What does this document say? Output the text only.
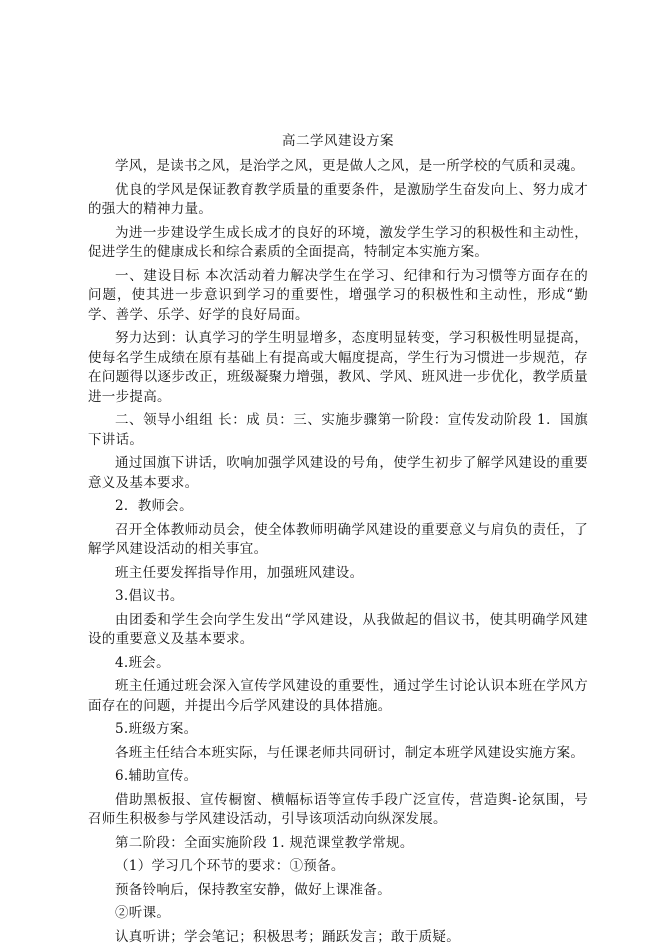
高二学风建设方案

学风，是读书之风，是治学之风，更是做人之风，是一所学校的气质和灵魂。

优良的学风是保证教育教学质量的重要条件，是激励学生奋发向上、努力成才的强大的精神力量。

为进一步建设学生成长成才的良好的环境，激发学生学习的积极性和主动性，促进学生的健康成长和综合素质的全面提高，特制定本实施方案。

一、建设目标 本次活动着力解决学生在学习、纪律和行为习惯等方面存在的问题，使其进一步意识到学习的重要性，增强学习的积极性和主动性，形成“勤学、善学、乐学、好学的良好局面。

努力达到：认真学习的学生明显增多，态度明显转变，学习积极性明显提高，使每名学生成绩在原有基础上有提高或大幅度提高，学生行为习惯进一步规范，存在问题得以逐步改正，班级凝聚力增强，教风、学风、班风进一步优化，教学质量进一步提高。

二、领导小组组 长：成 员：三、实施步骤第一阶段：宣传发动阶段 1．国旗下讲话。

通过国旗下讲话，吹响加强学风建设的号角，使学生初步了解学风建设的重要意义及基本要求。

2．教师会。

召开全体教师动员会，使全体教师明确学风建设的重要意义与肩负的责任，了解学风建设活动的相关事宜。

班主任要发挥指导作用，加强班风建设。

3.倡议书。

由团委和学生会向学生发出“学风建设，从我做起的倡议书，使其明确学风建设的重要意义及基本要求。

4.班会。

班主任通过班会深入宣传学风建设的重要性，通过学生讨论认识本班在学风方面存在的问题，并提出今后学风建设的具体措施。

5.班级方案。

各班主任结合本班实际，与任课老师共同研讨，制定本班学风建设实施方案。

6.辅助宣传。

借助黑板报、宣传橱窗、横幅标语等宣传手段广泛宣传，营造舆-论氛围，号召师生积极参与学风建设活动，引导该项活动向纵深发展。

第二阶段：全面实施阶段 1. 规范课堂教学常规。

（1）学习几个环节的要求：①预备。

预备铃响后，保持教室安静，做好上课准备。

②听课。

认真听讲；学会笔记；积极思考；踊跃发言；敢于质疑。
